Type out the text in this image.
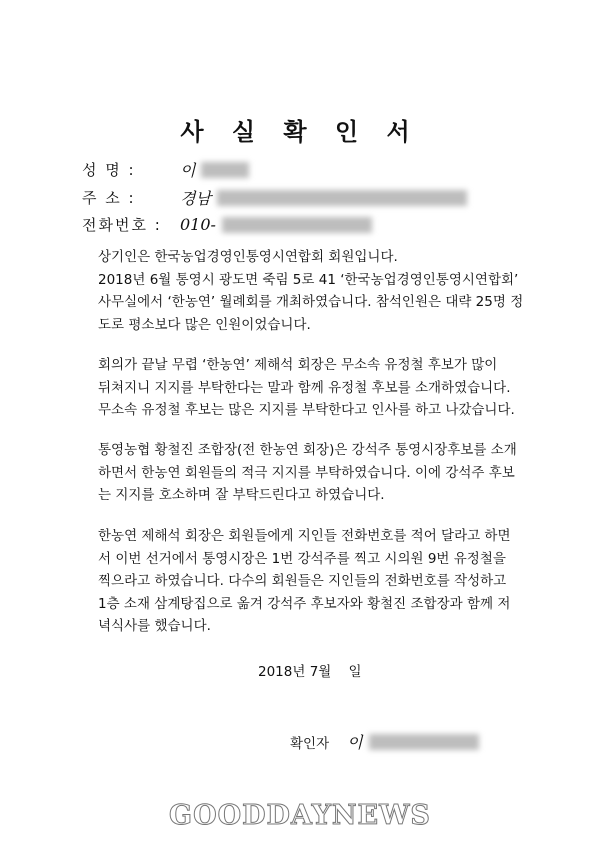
사 실 확 인 서
성 명 :	이
주 소 :	경남
전화번호 :	010-

상기인은 한국농업경영인통영시연합회 회원입니다.

2018년 6월 통영시 광도면 죽림 5로 41 ‘한국농업경영인통영시연합회’

사무실에서 ‘한농연’ 월례회를 개최하였습니다. 참석인원은 대략 25명 정

도로 평소보다 많은 인원이었습니다.

회의가 끝날 무렵 ‘한농연’ 제해석 회장은 무소속 유정철 후보가 많이

뒤쳐지니 지지를 부탁한다는 말과 함께 유정철 후보를 소개하였습니다.

무소속 유정철 후보는 많은 지지를 부탁한다고 인사를 하고 나갔습니다.

통영농협 황철진 조합장(전 한농연 회장)은 강석주 통영시장후보를 소개

하면서 한농연 회원들의 적극 지지를 부탁하였습니다. 이에 강석주 후보

는 지지를 호소하며 잘 부탁드린다고 하였습니다.

한농연 제해석 회장은 회원들에게 지인들 전화번호를 적어 달라고 하면

서 이번 선거에서 통영시장은 1번 강석주를 찍고 시의원 9번 유정철을

찍으라고 하였습니다. 다수의 회원들은 지인들의 전화번호를 작성하고

1층 소재 삼계탕집으로 옮겨 강석주 후보자와 황철진 조합장과 함께 저

녁식사를 했습니다.

2018년 7월    일
확인자 이
GOODDAYNEWS
